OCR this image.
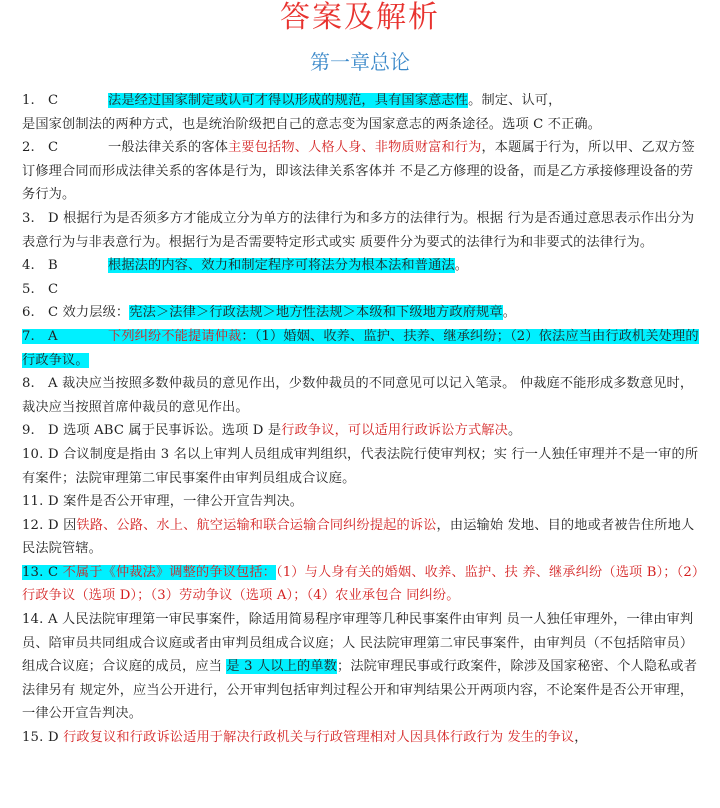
答案及解析
第一章总论

1. C	法是经过国家制定或认可才得以形成的规范，具有国家意志性。制定、认可，
是国家创制法的两种方式，也是统治阶级把自己的意志变为国家意志的两条途径。选项 C 不正确。

2. C	一般法律关系的客体主要包括物、人格人身、非物质财富和行为，本题属于行为，所以甲、乙双方签订修理合同而形成法律关系的客体是行为，即该法律关系客体并 不是乙方修理的设备，而是乙方承接修理设备的劳务行为。

3. D 根据行为是否须多方才能成立分为单方的法律行为和多方的法律行为。根据 行为是否通过意思表示作出分为表意行为与非表意行为。根据行为是否需要特定形式或实 质要件分为要式的法律行为和非要式的法律行为。

4. B	根据法的内容、效力和制定程序可将法分为根本法和普通法。

5. C

6. C 效力层级：宪法＞法律＞行政法规＞地方性法规＞本级和下级地方政府规章。

7. A	下列纠纷不能提请仲裁：（1）婚姻、收养、监护、扶养、继承纠纷；（2）依法应当由行政机关处理的行政争议。

8. A 裁决应当按照多数仲裁员的意见作出，少数仲裁员的不同意见可以记入笔录。 仲裁庭不能形成多数意见时，裁决应当按照首席仲裁员的意见作出。

9. D 选项 ABC 属于民事诉讼。选项 D 是行政争议，可以适用行政诉讼方式解决。

10. D 合议制度是指由 3 名以上审判人员组成审判组织，代表法院行使审判权；实 行一人独任审理并不是一审的所有案件；法院审理第二审民事案件由审判员组成合议庭。

11. D 案件是否公开审理，一律公开宣告判决。

12. D 因铁路、公路、水上、航空运输和联合运输合同纠纷提起的诉讼，由运输始 发地、目的地或者被告住所地人民法院管辖。

13. C 不属于《仲裁法》调整的争议包括：（1）与人身有关的婚姻、收养、监护、扶 养、继承纠纷（选项 B）；（2）行政争议（选项 D）；（3）劳动争议（选项 A）；（4）农业承包合 同纠纷。

14. A 人民法院审理第一审民事案件，除适用简易程序审理等几种民事案件由审判 员一人独任审理外，一律由审判员、陪审员共同组成合议庭或者由审判员组成合议庭；人 民法院审理第二审民事案件，由审判员（不包括陪审员）组成合议庭；合议庭的成员，应当 是 3 人以上的单数；法院审理民事或行政案件，除涉及国家秘密、个人隐私或者法律另有 规定外，应当公开进行，公开审判包括审判过程公开和审判结果公开两项内容，不论案件是否公开审理，一律公开宣告判决。

15. D 行政复议和行政诉讼适用于解决行政机关与行政管理相对人因具体行政行为 发生的争议，
